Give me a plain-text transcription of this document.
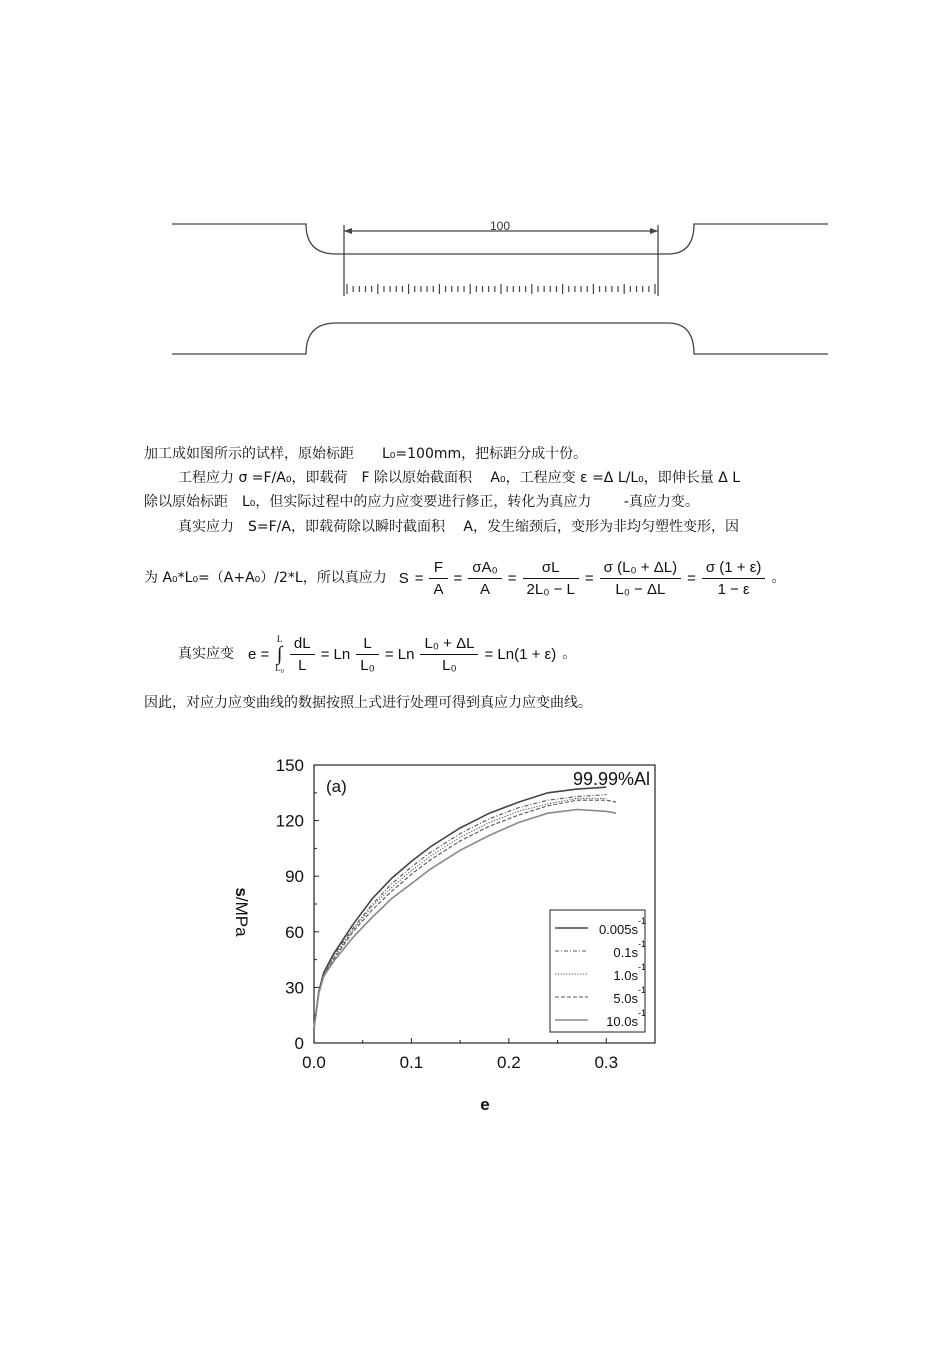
100
加工成如图所示的试样，原始标距　　L₀=100mm，把标距分成十份。
工程应力 σ =F/A₀，即载荷　F 除以原始截面积　 A₀，工程应变 ε =Δ L/L₀，即伸长量 Δ L
除以原始标距　L₀，但实际过程中的应力应变要进行修正，转化为真应力　　 -真应力变。
真实应力　S=F/A，即载荷除以瞬时截面积　 A，发生缩颈后，变形为非均匀塑性变形，因
为 A₀*L₀=（A+A₀）/2*L，所以真应力 $S = \frac{F}{A} = \frac{\text{σA₀}}{A} = \frac{\sigma L}{\text{2L₀ − L}} = \frac{\text{σ (L₀ + ΔL)}}{\text{L₀ − ΔL}} = \frac{\sigma (1 + \varepsilon)}{1 - \varepsilon}$ 。
真实应变 e =
L
∫
$L_0 \frac{dL}{L} = Ln \frac{L}{\text{L₀}} = Ln \frac{\text{L₀ + ΔL}}{\text{L₀}} = Ln(1 + \varepsilon)$ 。
因此，对应力应变曲线的数据按照上式进行处理可得到真应力应变曲线。
0
30
60
90
120
150
0.0	0.1	0.2	0.3
e
s/MPa
(a)	99.99%Al
0.005s
-1
0.1s
-1
1.0s
-1
5.0s
-1
10.0s
-1
